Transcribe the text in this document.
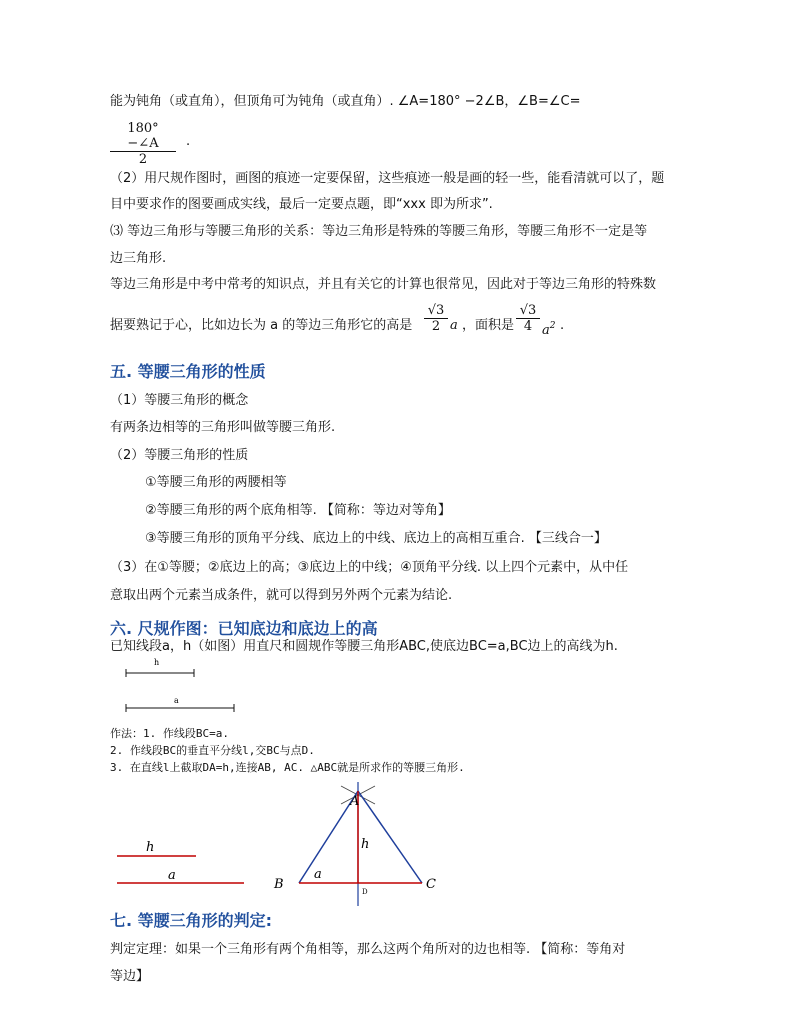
能为钝角（或直角），但顶角可为钝角（或直角）. ∠A=180° −2∠B，∠B=∠C=
$\frac{180^\circ-\angle A}{2}$ .
（2）用尺规作图时，画图的痕迹一定要保留，这些痕迹一般是画的轻一些，能看清就可以了，题
目中要求作的图要画成实线，最后一定要点题，即“xxx 即为所求”.
⑶ 等边三角形与等腰三角形的关系：等边三角形是特殊的等腰三角形，等腰三角形不一定是等
边三角形.
等边三角形是中考中常考的知识点，并且有关它的计算也很常见，因此对于等边三角形的特殊数
据要熟记于心，比如边长为 a 的等边三角形它的高是 $\frac{√3}{2}$ a ，面积是 $\frac{√3}{4} a^2$ .
五. 等腰三角形的性质
（1）等腰三角形的概念
有两条边相等的三角形叫做等腰三角形.
（2）等腰三角形的性质
①等腰三角形的两腰相等
②等腰三角形的两个底角相等. 【简称：等边对等角】
③等腰三角形的顶角平分线、底边上的中线、底边上的高相互重合. 【三线合一】
（3）在①等腰；②底边上的高；③底边上的中线；④顶角平分线. 以上四个元素中，从中任
意取出两个元素当成条件，就可以得到另外两个元素为结论.
六. 尺规作图：已知底边和底边上的高
已知线段a，h（如图）用直尺和圆规作等腰三角形ABC,使底边BC=a,BC边上的高线为h.
h
a
作法：1. 作线段BC=a.
2. 作线段BC的垂直平分线l,交BC与点D.
3. 在直线l上截取DA=h,连接AB, AC. △ABC就是所求作的等腰三角形.
h
a
A
B	C
D
h
a
七. 等腰三角形的判定:
判定定理：如果一个三角形有两个角相等，那么这两个角所对的边也相等. 【简称：等角对
等边】
